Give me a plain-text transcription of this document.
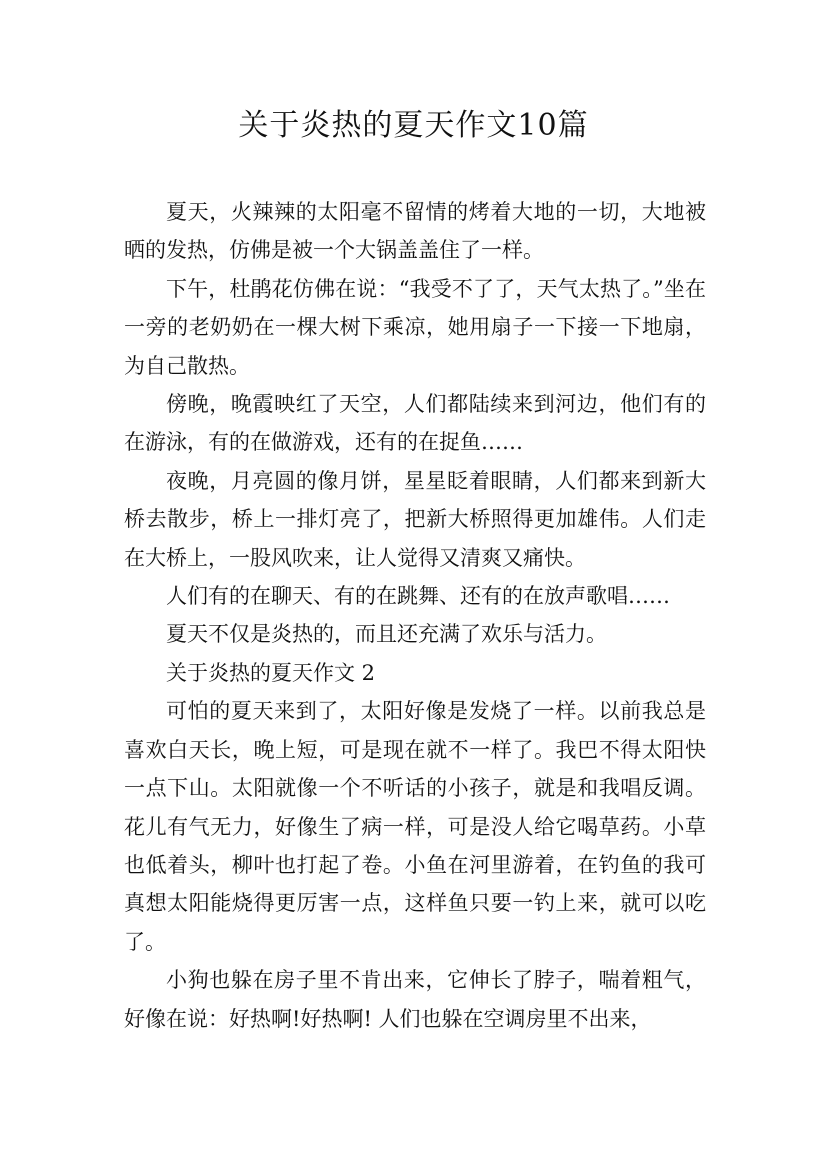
关于炎热的夏天作文10篇

夏天，火辣辣的太阳毫不留情的烤着大地的一切，大地被晒的发热，仿佛是被一个大锅盖盖住了一样。

下午，杜鹃花仿佛在说：“我受不了了，天气太热了。”坐在一旁的老奶奶在一棵大树下乘凉，她用扇子一下接一下地扇，为自己散热。

傍晚，晚霞映红了天空，人们都陆续来到河边，他们有的在游泳，有的在做游戏，还有的在捉鱼……

夜晚，月亮圆的像月饼，星星眨着眼睛，人们都来到新大桥去散步，桥上一排灯亮了，把新大桥照得更加雄伟。人们走在大桥上，一股风吹来，让人觉得又清爽又痛快。

人们有的在聊天、有的在跳舞、还有的在放声歌唱……

夏天不仅是炎热的，而且还充满了欢乐与活力。

关于炎热的夏天作文 2

可怕的夏天来到了，太阳好像是发烧了一样。以前我总是喜欢白天长，晚上短，可是现在就不一样了。我巴不得太阳快一点下山。太阳就像一个不听话的小孩子，就是和我唱反调。 花儿有气无力，好像生了病一样，可是没人给它喝草药。小草也低着头，柳叶也打起了卷。小鱼在河里游着，在钓鱼的我可真想太阳能烧得更厉害一点，这样鱼只要一钓上来，就可以吃了。

小狗也躲在房子里不肯出来，它伸长了脖子，喘着粗气，好像在说：好热啊!好热啊! 人们也躲在空调房里不出来，
